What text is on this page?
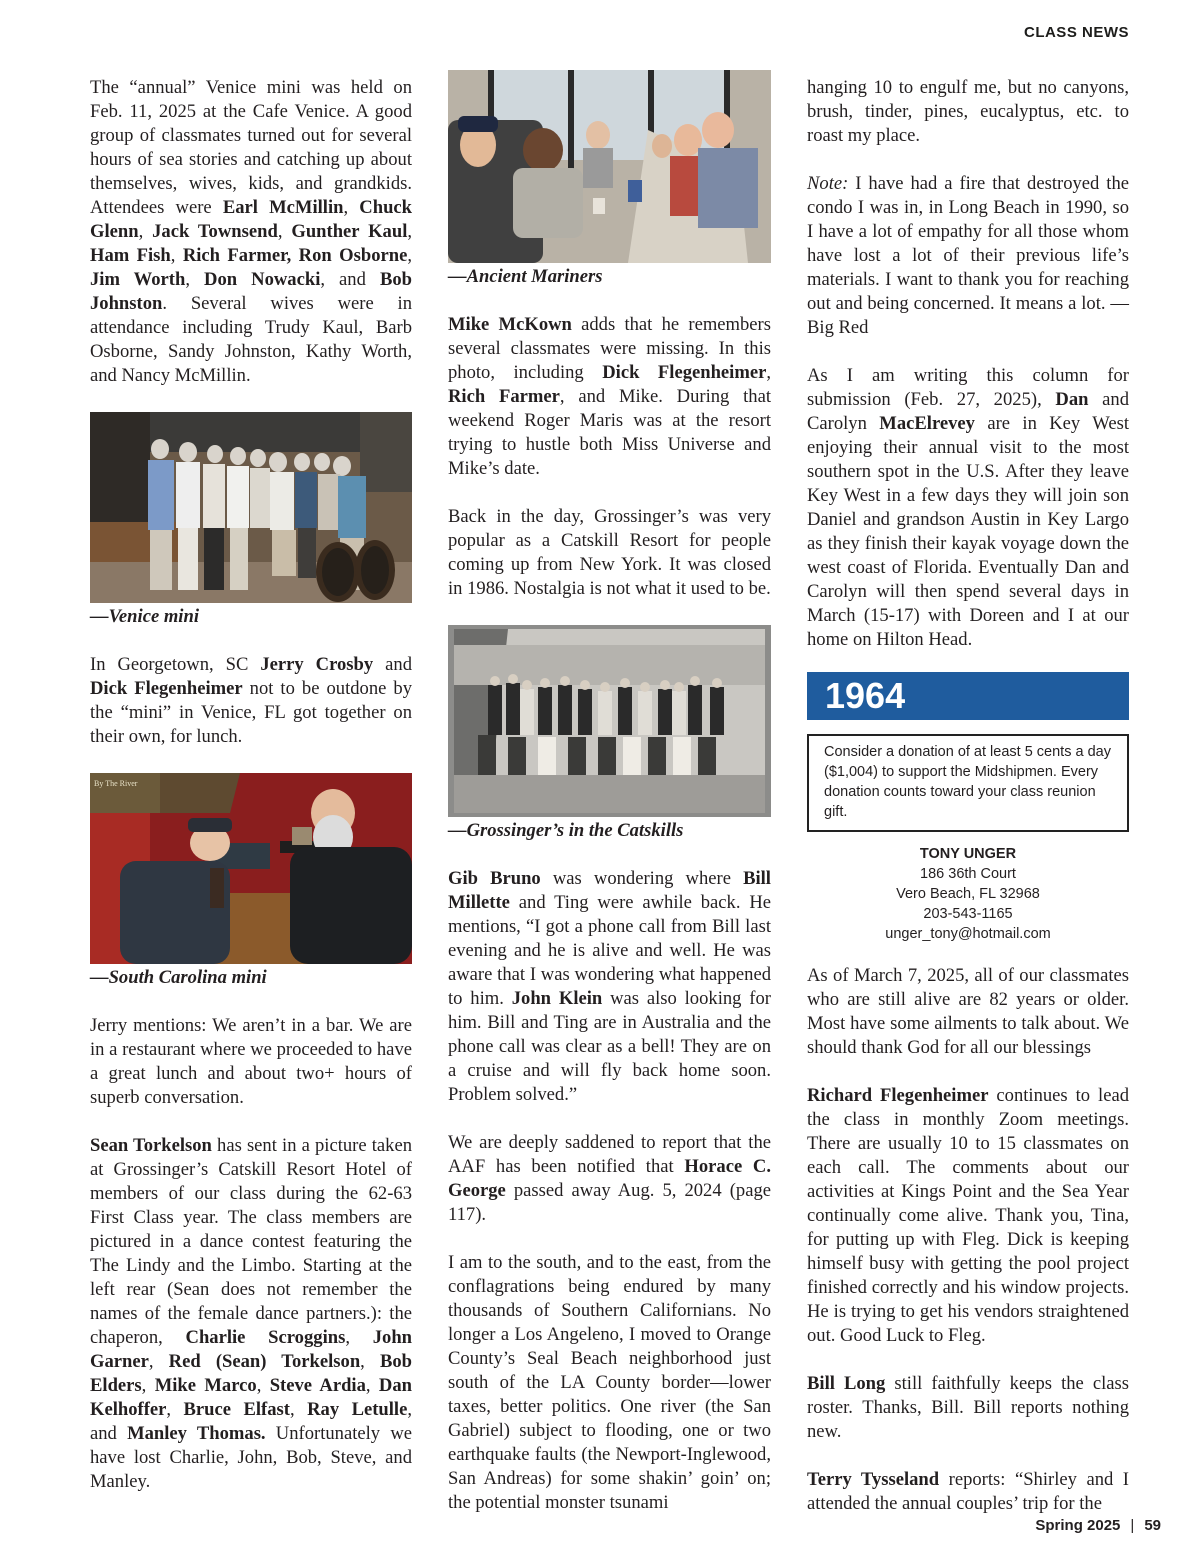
CLASS NEWS

The “annual” Venice mini was held on Feb. 11, 2025 at the Cafe Venice. A good group of classmates turned out for several hours of sea stories and catching up about themselves, wives, kids, and grandkids. Attendees were Earl McMillin, Chuck Glenn, Jack Townsend, Gunther Kaul, Ham Fish, Rich Farmer, Ron Osborne, Jim Worth, Don Nowacki, and Bob Johnston. Several wives were in attendance including Trudy Kaul, Barb Osborne, Sandy Johnston, Kathy Worth, and Nancy McMillin.

—Venice mini

In Georgetown, SC Jerry Crosby and Dick Flegenheimer not to be outdone by the “mini” in Venice, FL got together on their own, for lunch.

By The River
—South Carolina mini

Jerry mentions: We aren’t in a bar. We are in a restaurant where we proceeded to have a great lunch and about two+ hours of superb conversation.

Sean Torkelson has sent in a picture taken at Grossinger’s Catskill Resort Hotel of members of our class during the 62-63 First Class year. The class members are pictured in a dance contest featuring the The Lindy and the Limbo. Starting at the left rear (Sean does not remember the names of the female dance partners.): the chaperon, Charlie Scroggins, John Garner, Red (Sean) Torkelson, Bob Elders, Mike Marco, Steve Ardia, Dan Kelhoffer, Bruce Elfast, Ray Letulle, and Manley Thomas. Unfortunately we have lost Charlie, John, Bob, Steve, and Manley.

—Ancient Mariners

Mike McKown adds that he remembers several classmates were missing. In this photo, including Dick Flegenheimer, Rich Farmer, and Mike. During that weekend Roger Maris was at the resort trying to hustle both Miss Universe and Mike’s date.

Back in the day, Grossinger’s was very popular as a Catskill Resort for people coming up from New York. It was closed in 1986. Nostalgia is not what it used to be.

—Grossinger’s in the Catskills

Gib Bruno was wondering where Bill Millette and Ting were awhile back. He mentions, “I got a phone call from Bill last evening and he is alive and well. He was aware that I was wondering what happened to him. John Klein was also looking for him. Bill and Ting are in Australia and the phone call was clear as a bell! They are on a cruise and will fly back home soon. Problem solved.”

We are deeply saddened to report that the AAF has been notified that Horace C. George passed away Aug. 5, 2024 (page 117).

I am to the south, and to the east, from the conflagrations being endured by many thousands of Southern Californians. No longer a Los Angeleno, I moved to Orange County’s Seal Beach neighborhood just south of the LA County border—lower taxes, better politics. One river (the San Gabriel) subject to flooding, one or two earthquake faults (the Newport-Inglewood, San Andreas) for some shakin’ goin’ on; the potential monster tsunami

hanging 10 to engulf me, but no canyons, brush, tinder, pines, eucalyptus, etc. to roast my place.

Note: I have had a fire that destroyed the condo I was in, in Long Beach in 1990, so I have a lot of empathy for all those whom have lost a lot of their previous life’s materials. I want to thank you for reaching out and being concerned. It means a lot. —Big Red

As I am writing this column for submission (Feb. 27, 2025), Dan and Carolyn MacElrevey are in Key West enjoying their annual visit to the most southern spot in the U.S. After they leave Key West in a few days they will join son Daniel and grandson Austin in Key Largo as they finish their kayak voyage down the west coast of Florida. Eventually Dan and Carolyn will then spend several days in March (15-17) with Doreen and I at our home on Hilton Head.

1964
Consider a donation of at least 5 cents a day ($1,004) to support the Midshipmen. Every donation counts toward your class reunion gift.
TONY UNGER
186 36th Court
Vero Beach, FL 32968
203-543-1165
unger_tony@hotmail.com

As of March 7, 2025, all of our classmates who are still alive are 82 years or older. Most have some ailments to talk about. We should thank God for all our blessings

Richard Flegenheimer continues to lead the class in monthly Zoom meetings. There are usually 10 to 15 classmates on each call. The comments about our activities at Kings Point and the Sea Year continually come alive. Thank you, Tina, for putting up with Fleg. Dick is keeping himself busy with getting the pool project finished correctly and his window projects. He is trying to get his vendors straightened out. Good Luck to Fleg.

Bill Long still faithfully keeps the class roster. Thanks, Bill. Bill reports nothing new.

Terry Tysseland reports: “Shirley and I attended the annual couples’ trip for the

Spring 2025 | 59
